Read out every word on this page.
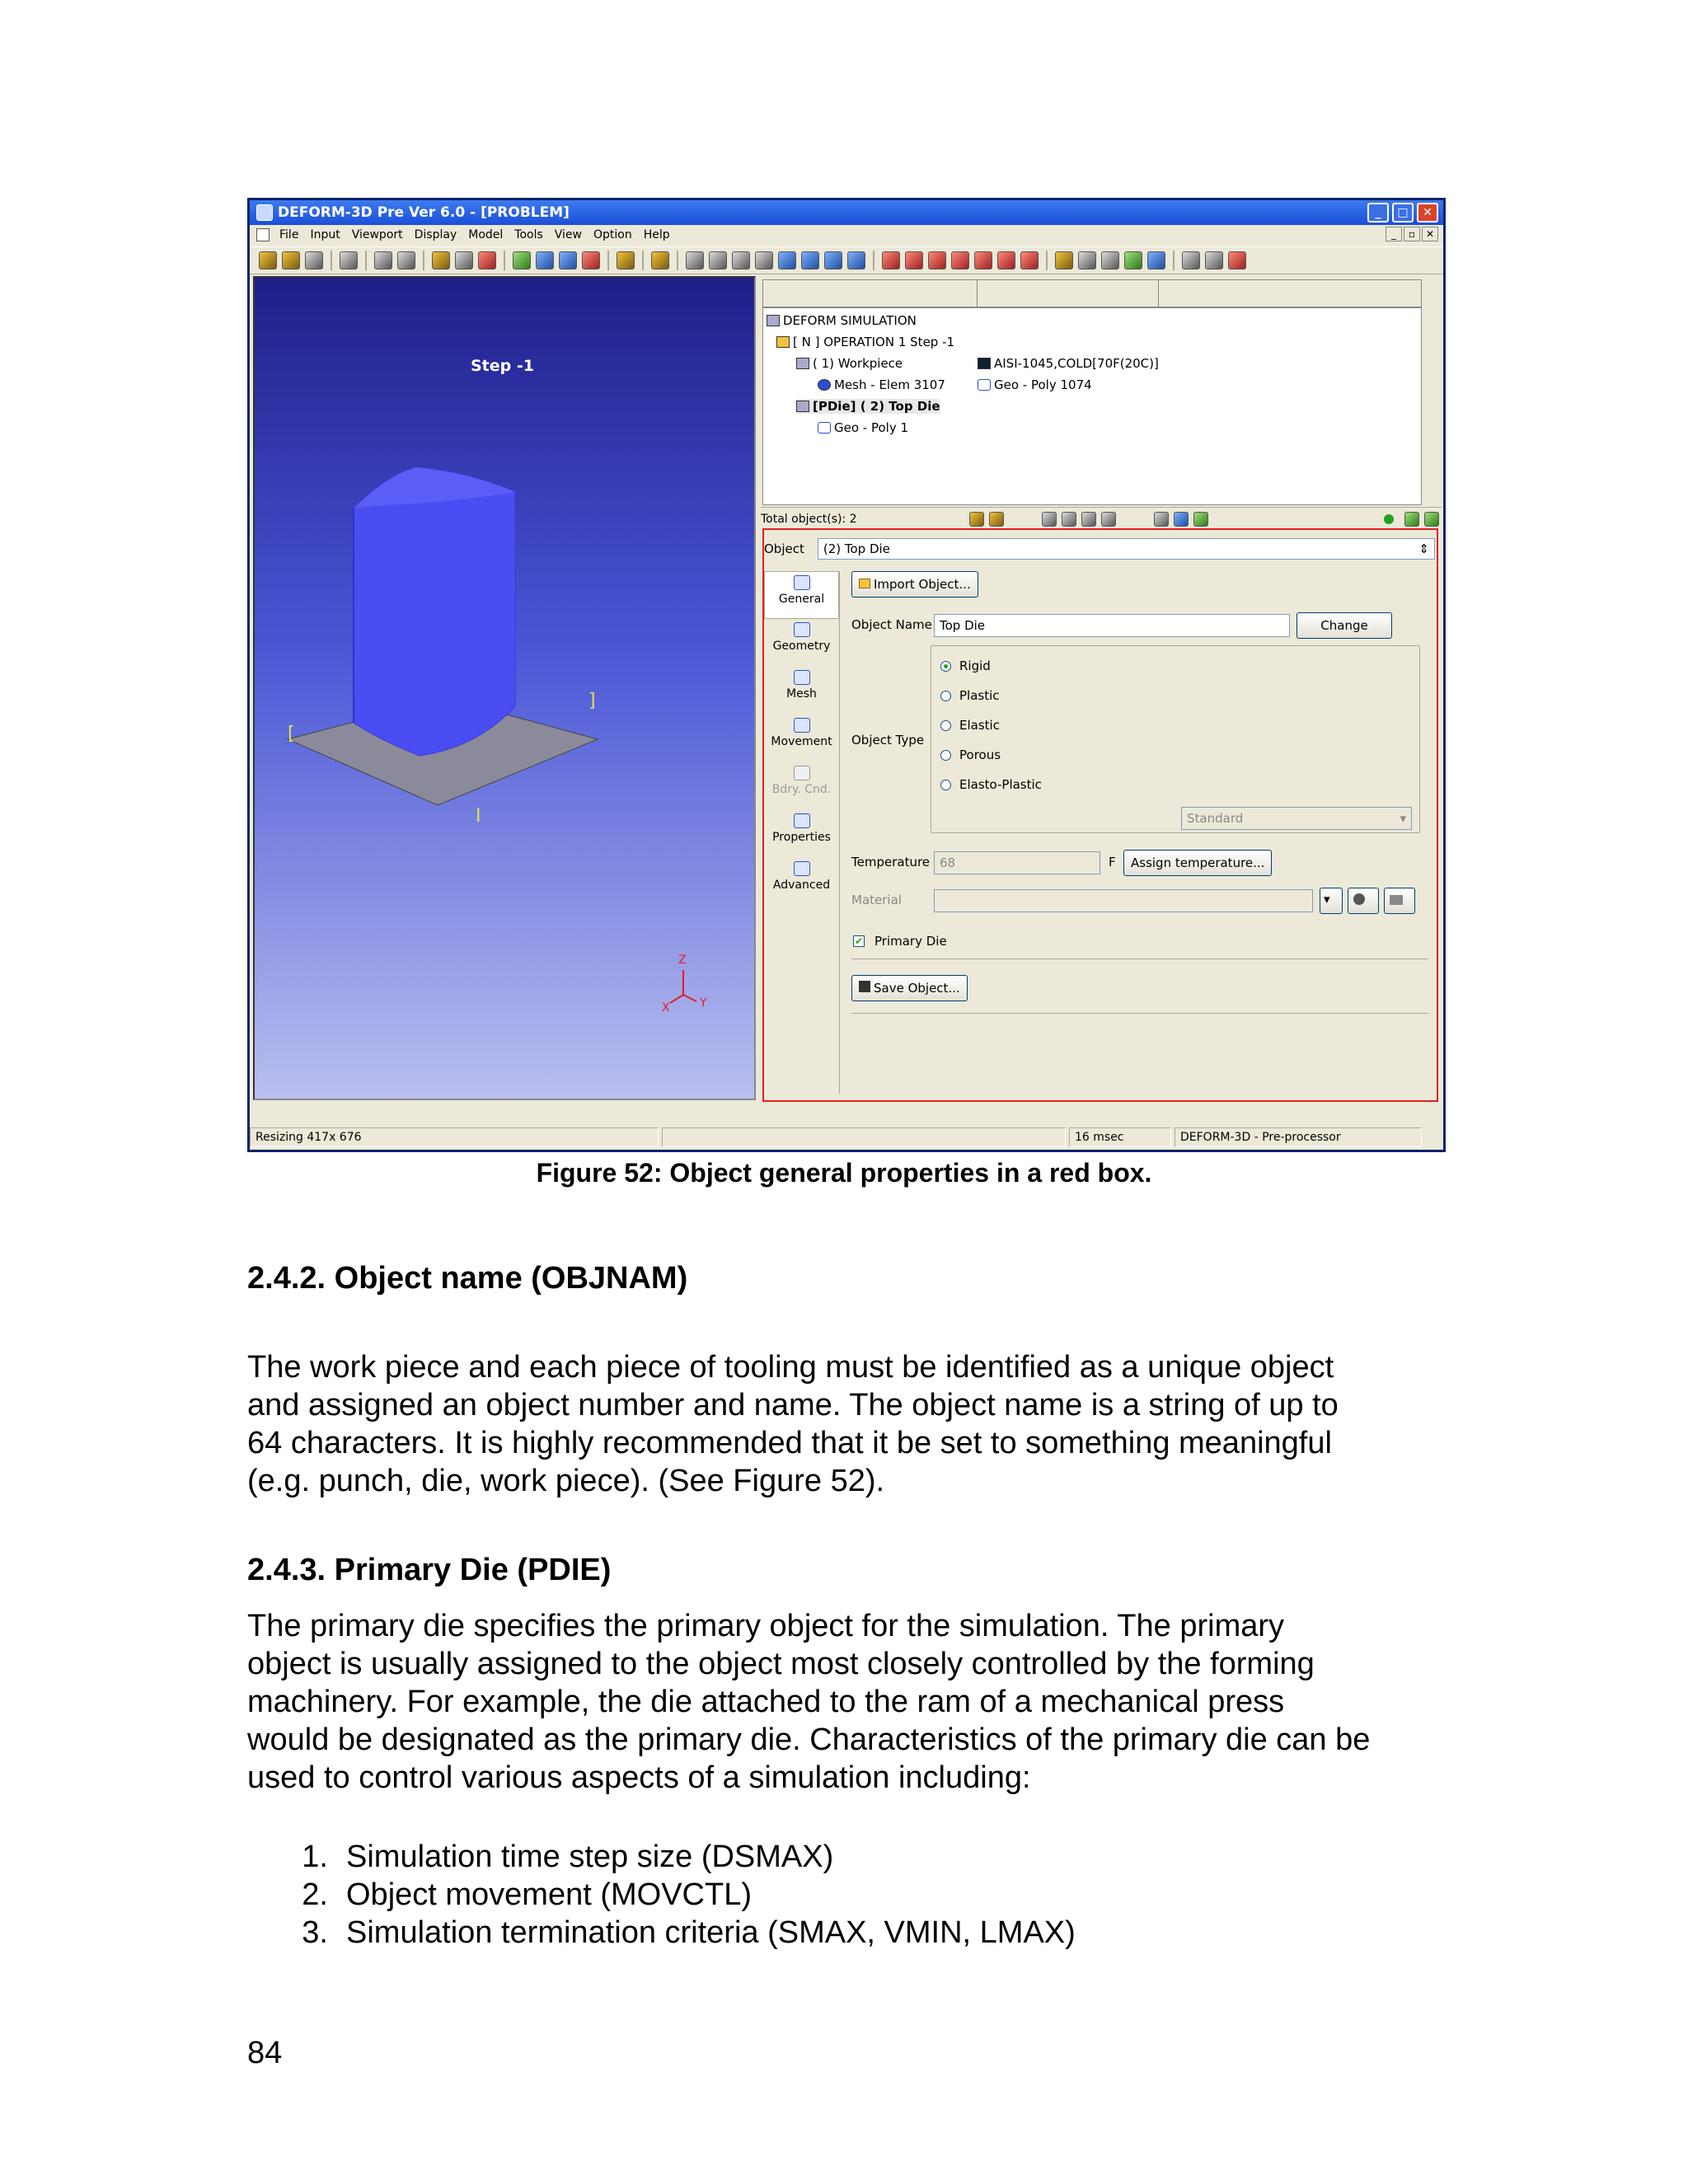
DEFORM-3D Pre Ver 6.0 - [PROBLEM]	_	□	✕
File Input Viewport Display Model Tools View Option Help	_	▫	✕
Step -1
[
]
I
Z
Y
X
DEFORM SIMULATION
[ N ] OPERATION 1 Step -1
( 1) Workpiece	AISI-1045,COLD[70F(20C)]
Mesh - Elem 3107	Geo - Poly 1074
[PDie] ( 2) Top Die
Geo - Poly 1
Total object(s): 2
Object (2) Top Die	⇕
General
Geometry
Mesh
Movement
Bdry. Cnd.
Properties
Advanced
Import Object...
Object Name Top Die	Change
Object Type
Rigid
Plastic
Elastic
Porous
Elasto-Plastic
Standard	▾
Temperature 68	F	Assign temperature...
Material	▾
✔ Primary Die
Save Object...
Resizing 417x 676	16 msec	DEFORM-3D - Pre-processor
Figure 52: Object general properties in a red box.
2.4.2. Object name (OBJNAM)
The work piece and each piece of tooling must be identified as a unique object
and assigned an object number and name. The object name is a string of up to
64 characters. It is highly recommended that it be set to something meaningful
(e.g. punch, die, work piece). (See Figure 52).
2.4.3. Primary Die (PDIE)
The primary die specifies the primary object for the simulation. The primary
object is usually assigned to the object most closely controlled by the forming
machinery. For example, the die attached to the ram of a mechanical press
would be designated as the primary die. Characteristics of the primary die can be
used to control various aspects of a simulation including:
1. Simulation time step size (DSMAX)
2. Object movement (MOVCTL)
3. Simulation termination criteria (SMAX, VMIN, LMAX)
84
